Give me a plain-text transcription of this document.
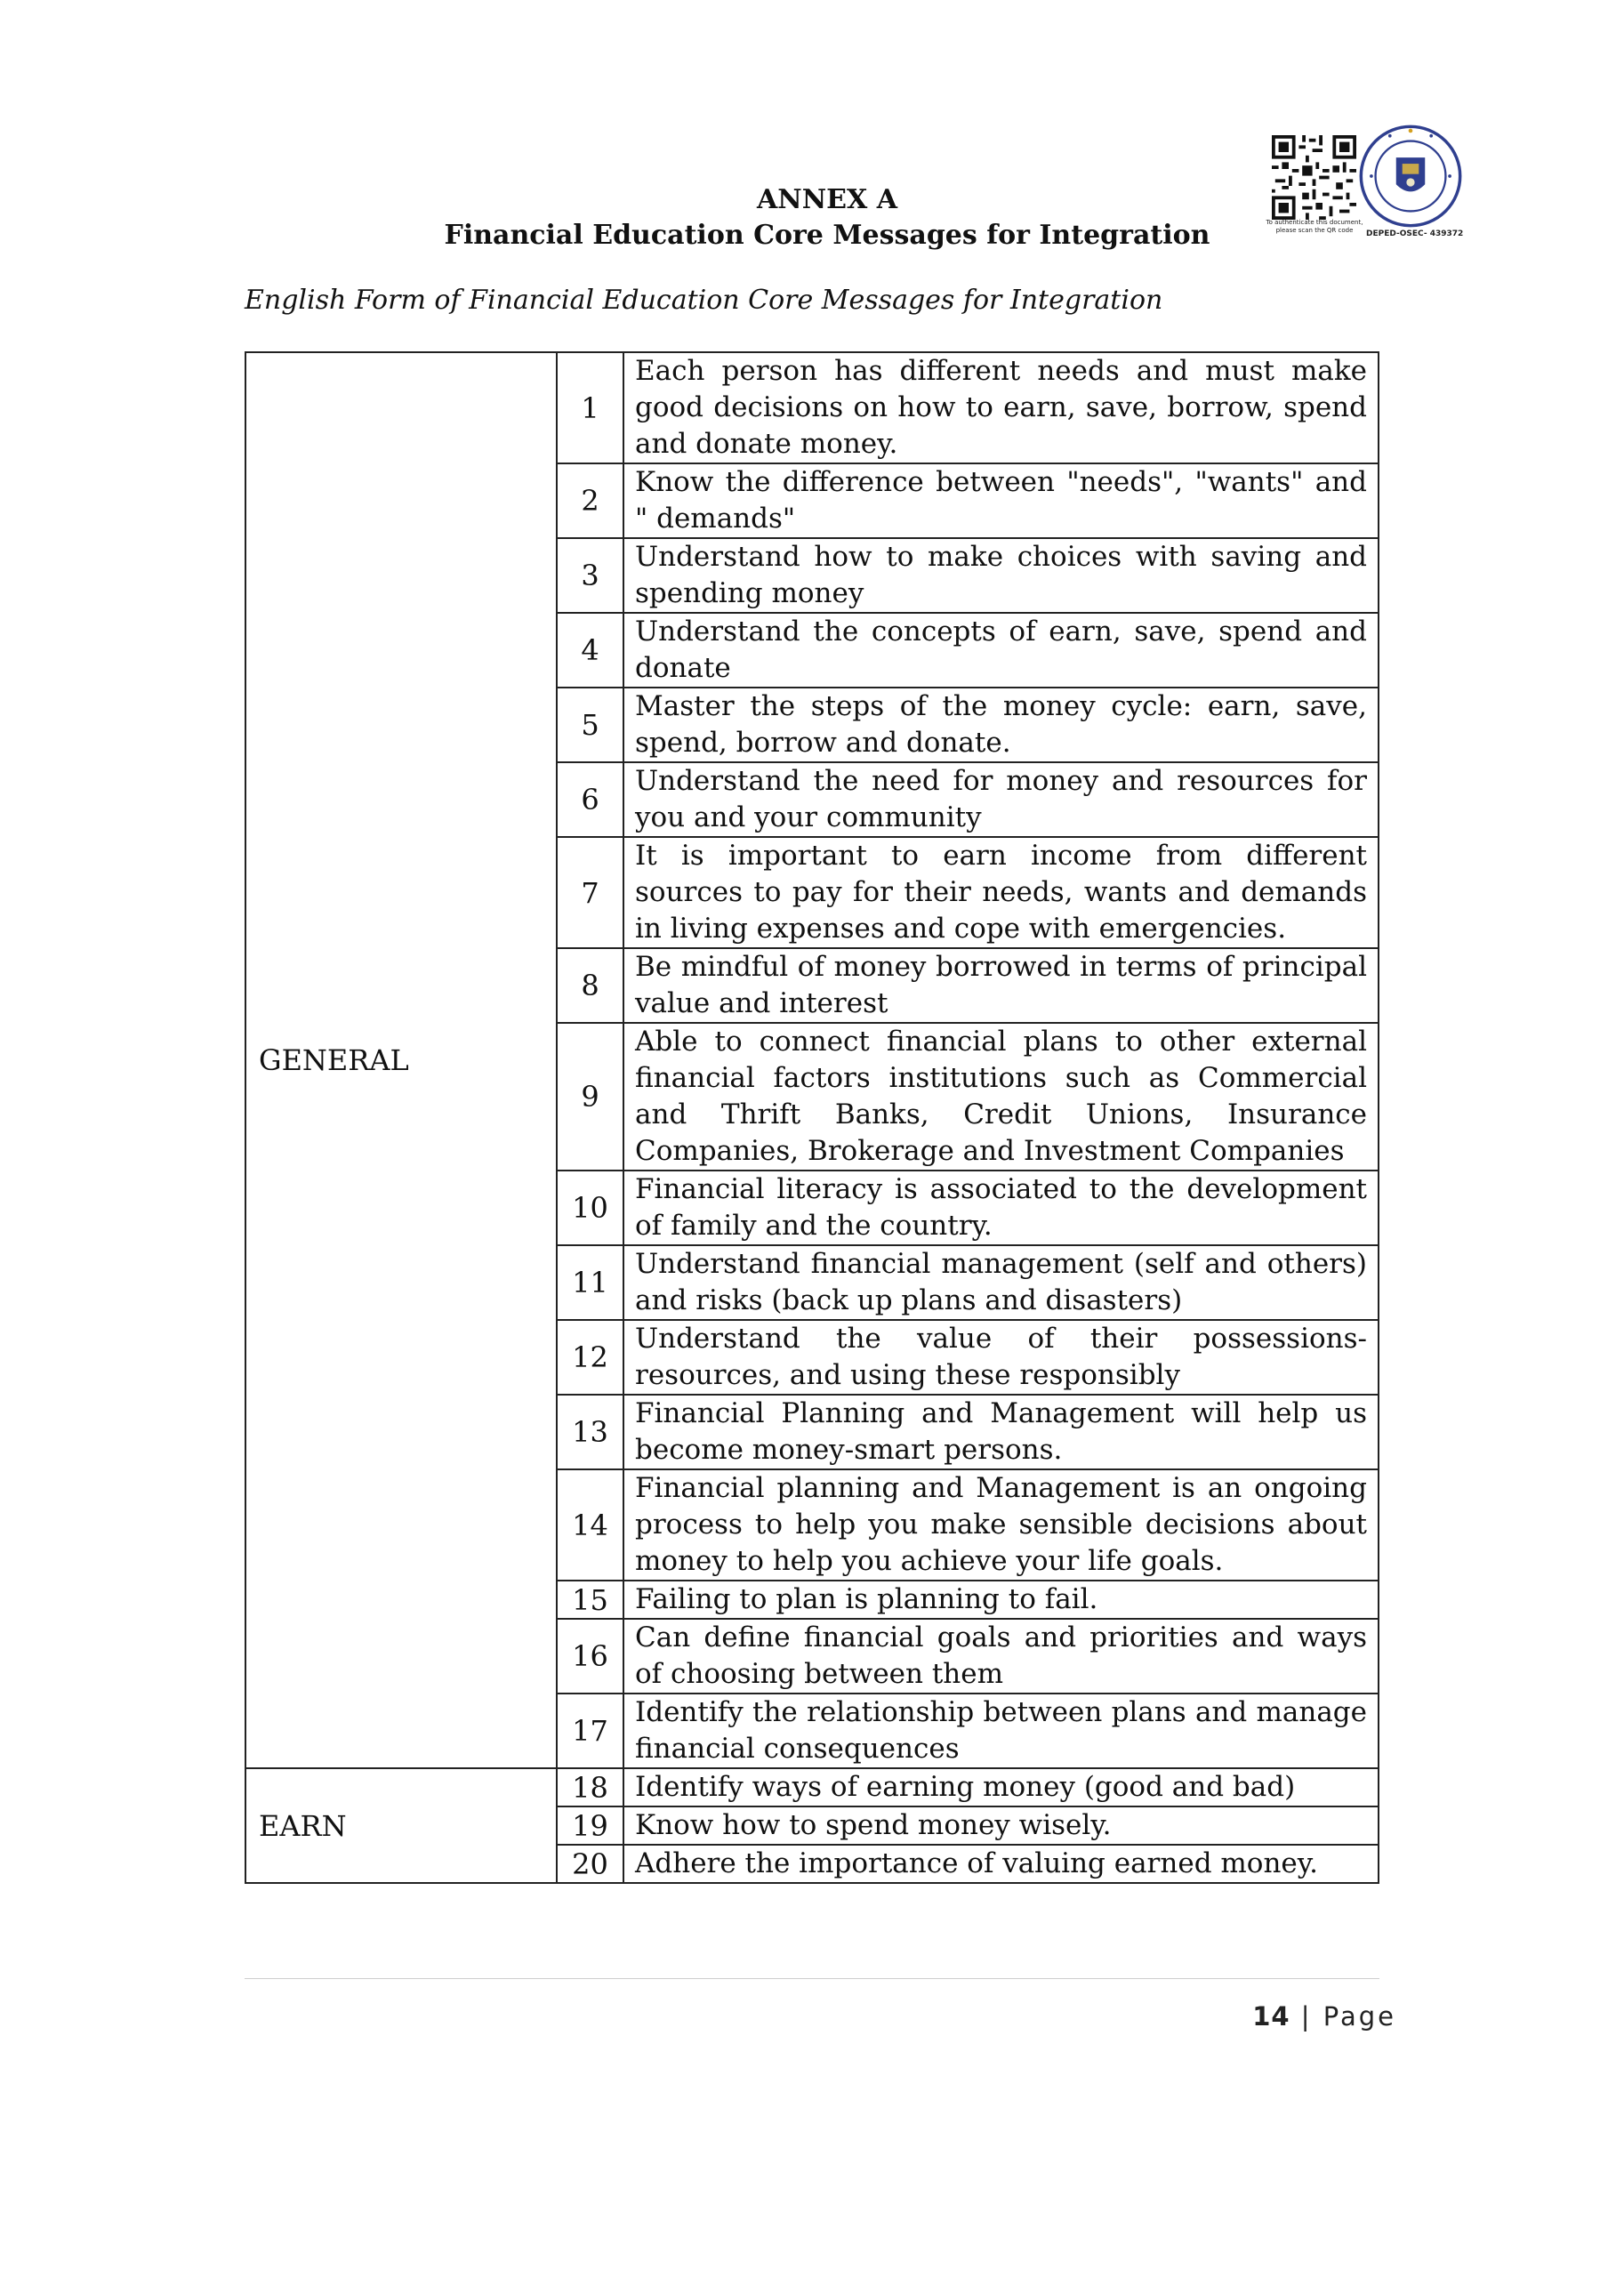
ANNEX A
Financial Education Core Messages for Integration	To authenticate this document, please scan the QR code	DEPED-OSEC- 439372
English Form of Financial Education Core Messages for Integration
GENERAL	1	Each person has different needs and must make good decisions on how to earn, save, borrow, spend and donate money.
	2	Know the difference between "needs", "wants" and " demands"
	3	Understand how to make choices with saving and spending money
	4	Understand the concepts of earn, save, spend and donate
	5	Master the steps of the money cycle: earn, save, spend, borrow and donate.
	6	Understand the need for money and resources for you and your community
	7	It is important to earn income from different sources to pay for their needs, wants and demands in living expenses and cope with emergencies.
	8	Be mindful of money borrowed in terms of principal value and interest
	9	Able to connect financial plans to other external financial factors institutions such as Commercial and Thrift Banks, Credit Unions, Insurance Companies, Brokerage and Investment Companies
	10	Financial literacy is associated to the development of family and the country.
	11	Understand financial management (self and others) and risks (back up plans and disasters)
	12	Understand the value of their possessions-resources, and using these responsibly
	13	Financial Planning and Management will help us become money-smart persons.
	14	Financial planning and Management is an ongoing process to help you make sensible decisions about money to help you achieve your life goals.
	15	Failing to plan is planning to fail.
	16	Can define financial goals and priorities and ways of choosing between them
	17	Identify the relationship between plans and manage financial consequences
EARN	18	Identify ways of earning money (good and bad)
	19	Know how to spend money wisely.
	20	Adhere the importance of valuing earned money.
14 | Page
